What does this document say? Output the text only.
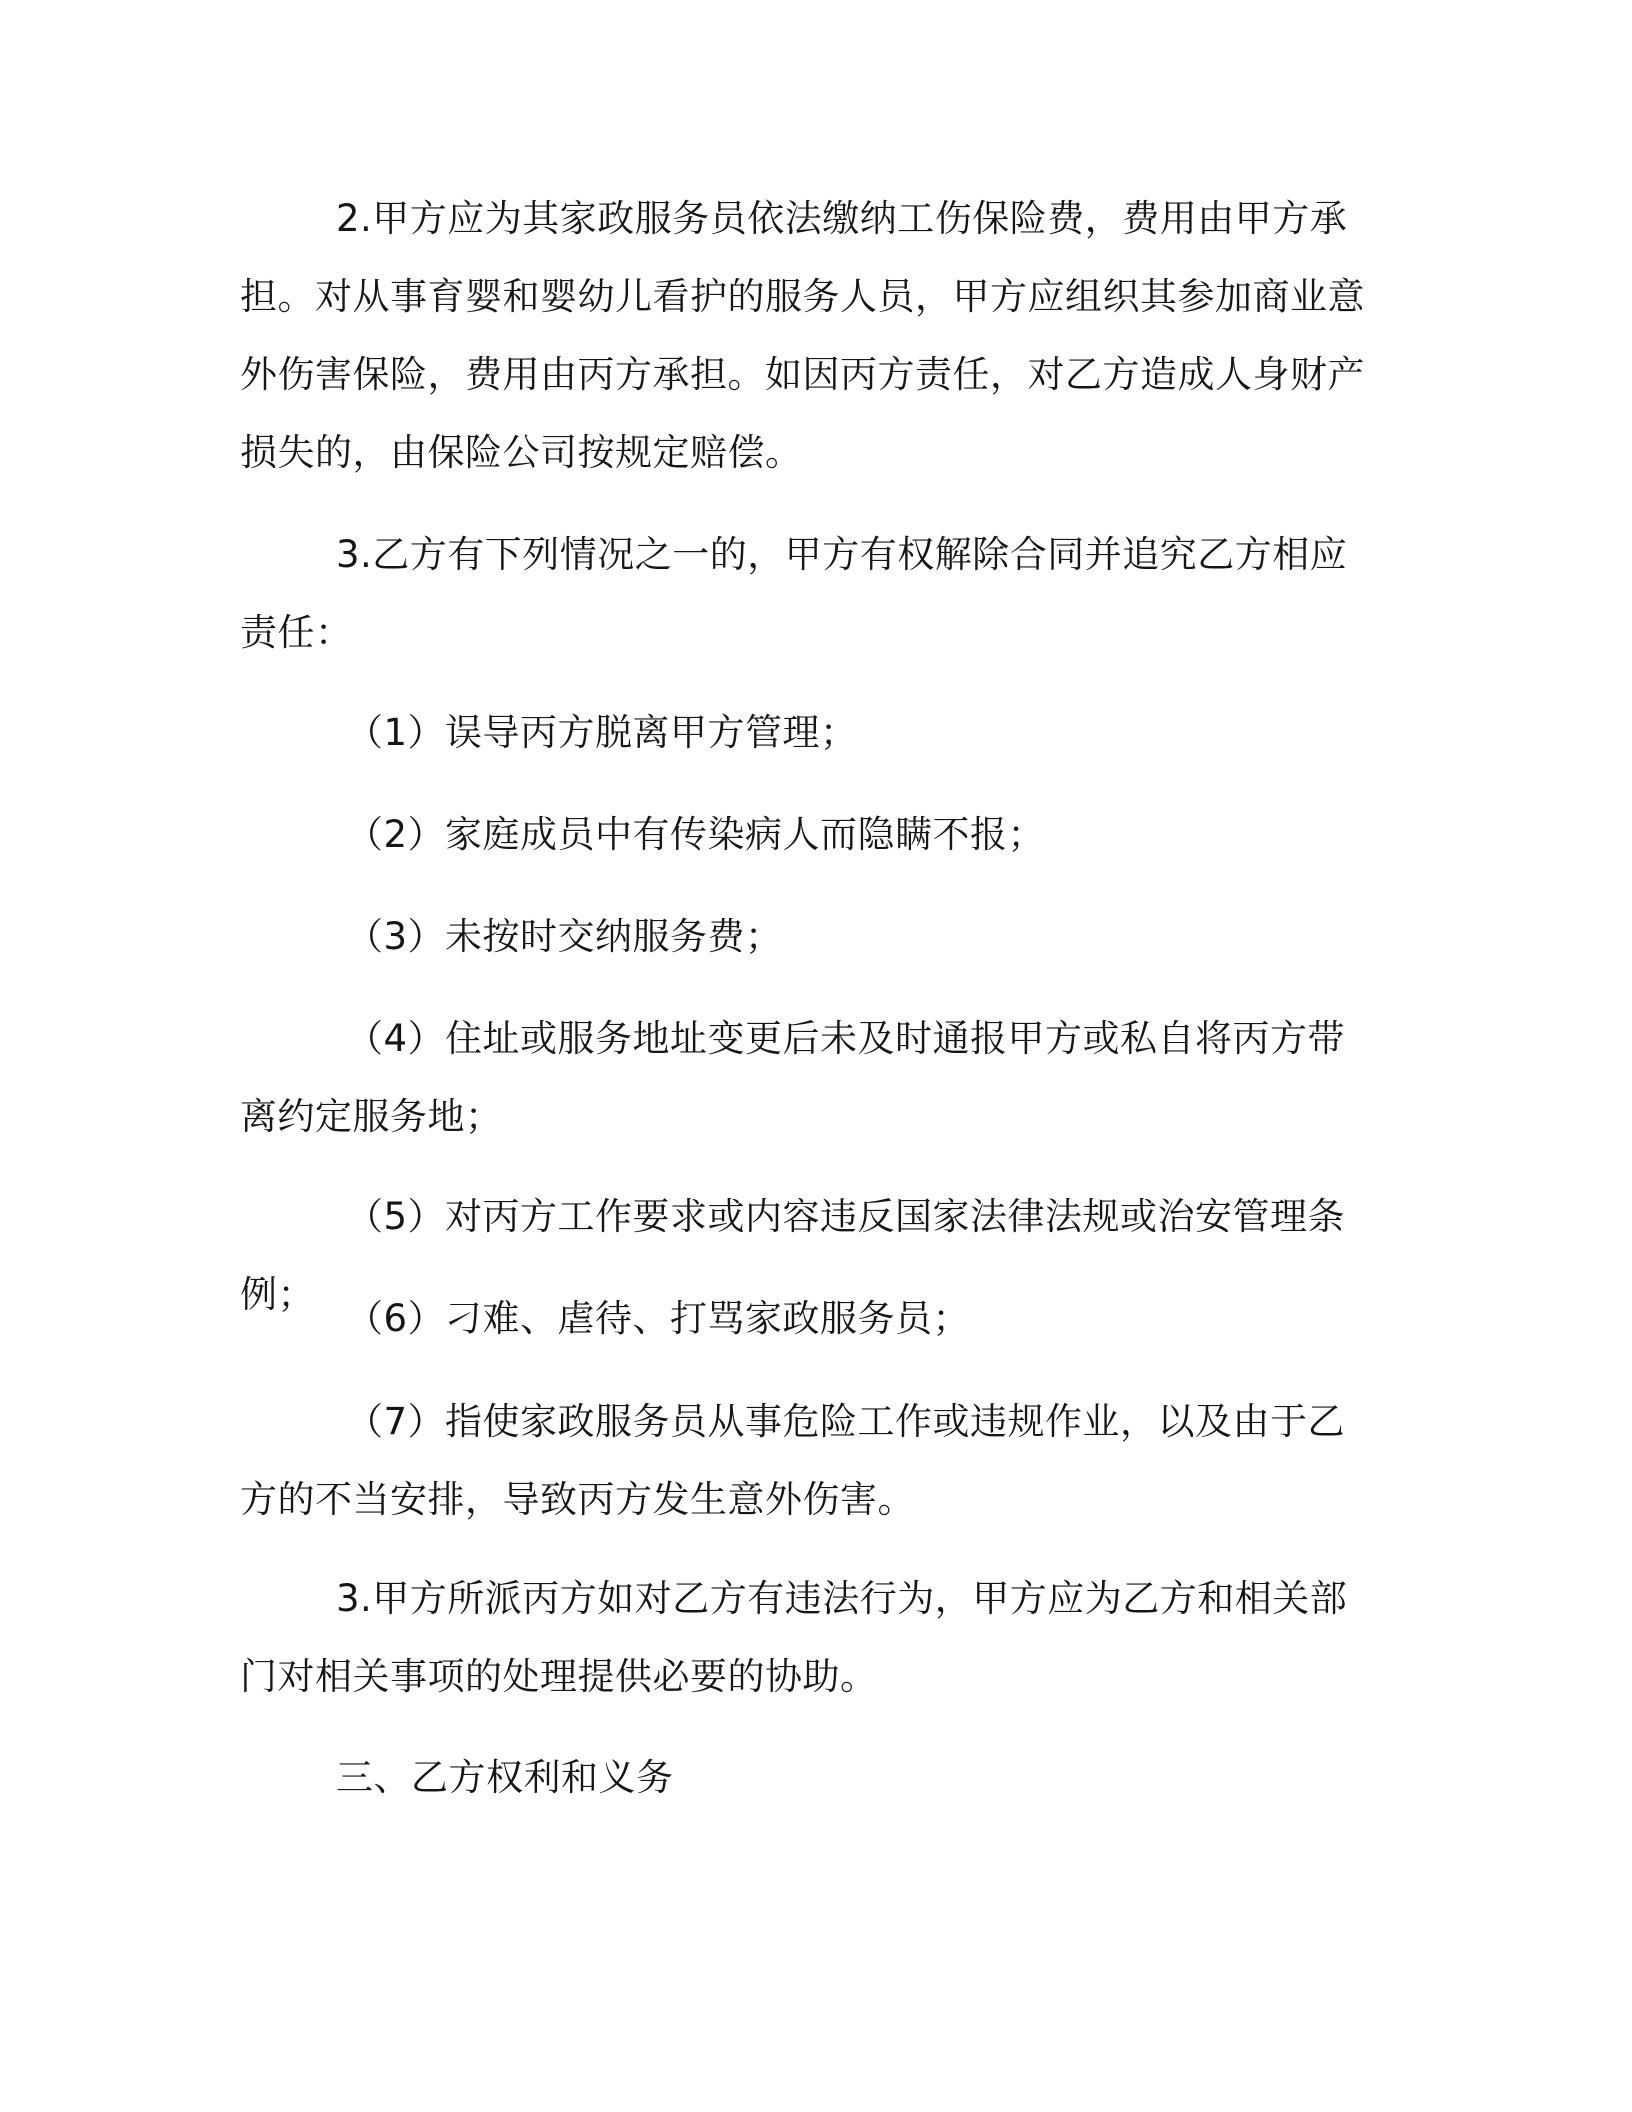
2.甲方应为其家政服务员依法缴纳工伤保险费，费用由甲方承担。对从事育婴和婴幼儿看护的服务人员，甲方应组织其参加商业意外伤害保险，费用由丙方承担。如因丙方责任，对乙方造成人身财产损失的，由保险公司按规定赔偿。

3.乙方有下列情况之一的，甲方有权解除合同并追究乙方相应责任：

（1）误导丙方脱离甲方管理；

（2）家庭成员中有传染病人而隐瞒不报；

（3）未按时交纳服务费；

（4）住址或服务地址变更后未及时通报甲方或私自将丙方带离约定服务地；

（5）对丙方工作要求或内容违反国家法律法规或治安管理条例；

（6）刁难、虐待、打骂家政服务员；

（7）指使家政服务员从事危险工作或违规作业，以及由于乙方的不当安排，导致丙方发生意外伤害。

3.甲方所派丙方如对乙方有违法行为，甲方应为乙方和相关部门对相关事项的处理提供必要的协助。

三、乙方权利和义务
